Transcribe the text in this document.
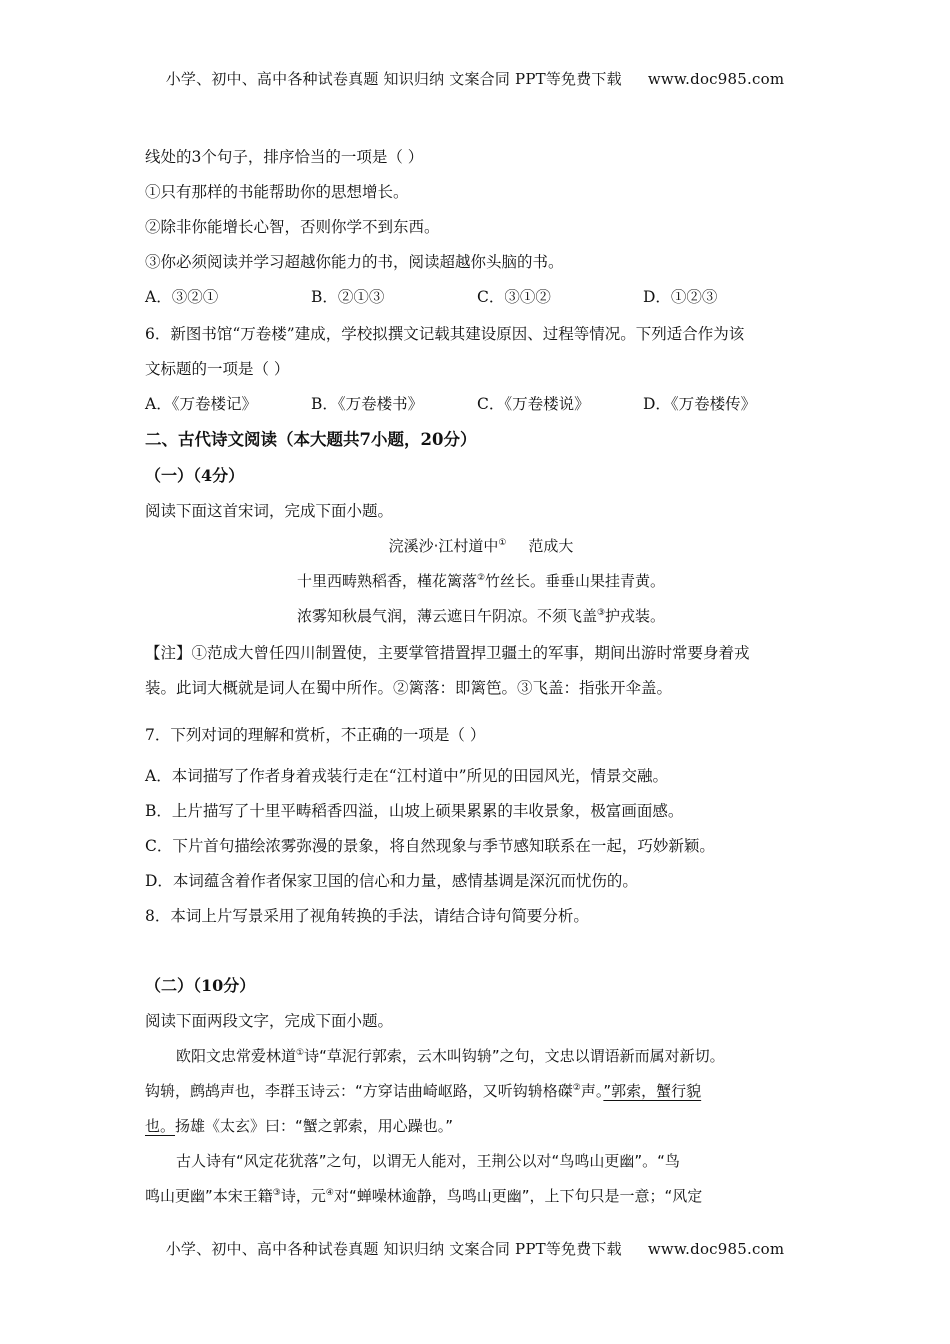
小学、初中、高中各种试卷真题 知识归纳 文案合同 PPT等免费下载 www.doc985.com
线处的3个句子，排序恰当的一项是（ ）
①只有那样的书能帮助你的思想增长。
②除非你能增长心智，否则你学不到东西。
③你必须阅读并学习超越你能力的书，阅读超越你头脑的书。
A．③②①	B．②①③	C．③①②	D．①②③
6．新图书馆“万卷楼”建成，学校拟撰文记载其建设原因、过程等情况。下列适合作为该
文标题的一项是（ ）
A．《万卷楼记》	B．《万卷楼书》	C．《万卷楼说》	D．《万卷楼传》
二、古代诗文阅读（本大题共7小题，20分）
（一）（4分）
阅读下面这首宋词，完成下面小题。
浣溪沙·江村道中① 范成大
十里西畴熟稻香，槿花篱落②竹丝长。垂垂山果挂青黄。
浓雾知秋晨气润，薄云遮日午阴凉。不须飞盖③护戎装。
【注】①范成大曾任四川制置使，主要掌管措置捍卫疆土的军事，期间出游时常要身着戎
装。此词大概就是词人在蜀中所作。②篱落：即篱笆。③飞盖：指张开伞盖。
7．下列对词的理解和赏析，不正确的一项是（ ）
A．本词描写了作者身着戎装行走在“江村道中”所见的田园风光，情景交融。
B．上片描写了十里平畴稻香四溢，山坡上硕果累累的丰收景象，极富画面感。
C．下片首句描绘浓雾弥漫的景象，将自然现象与季节感知联系在一起，巧妙新颖。
D．本词蕴含着作者保家卫国的信心和力量，感情基调是深沉而忧伤的。
8．本词上片写景采用了视角转换的手法，请结合诗句简要分析。
（二）（10分）
阅读下面两段文字，完成下面小题。
欧阳文忠常爱林道①诗“草泥行郭索，云木叫钩辀”之句，文忠以谓语新而属对新切。
钩辀，鹧鸪声也，李群玉诗云：“方穿诘曲崎岖路，又听钩辀格磔②声。”郭索，蟹行貌
也。扬雄《太玄》曰：“蟹之郭索，用心躁也。”
古人诗有“风定花犹落”之句，以谓无人能对，王荆公以对“鸟鸣山更幽”。“鸟
鸣山更幽”本宋王籍③诗，元④对“蝉噪林逾静，鸟鸣山更幽”，上下句只是一意；“风定
小学、初中、高中各种试卷真题 知识归纳 文案合同 PPT等免费下载 www.doc985.com
